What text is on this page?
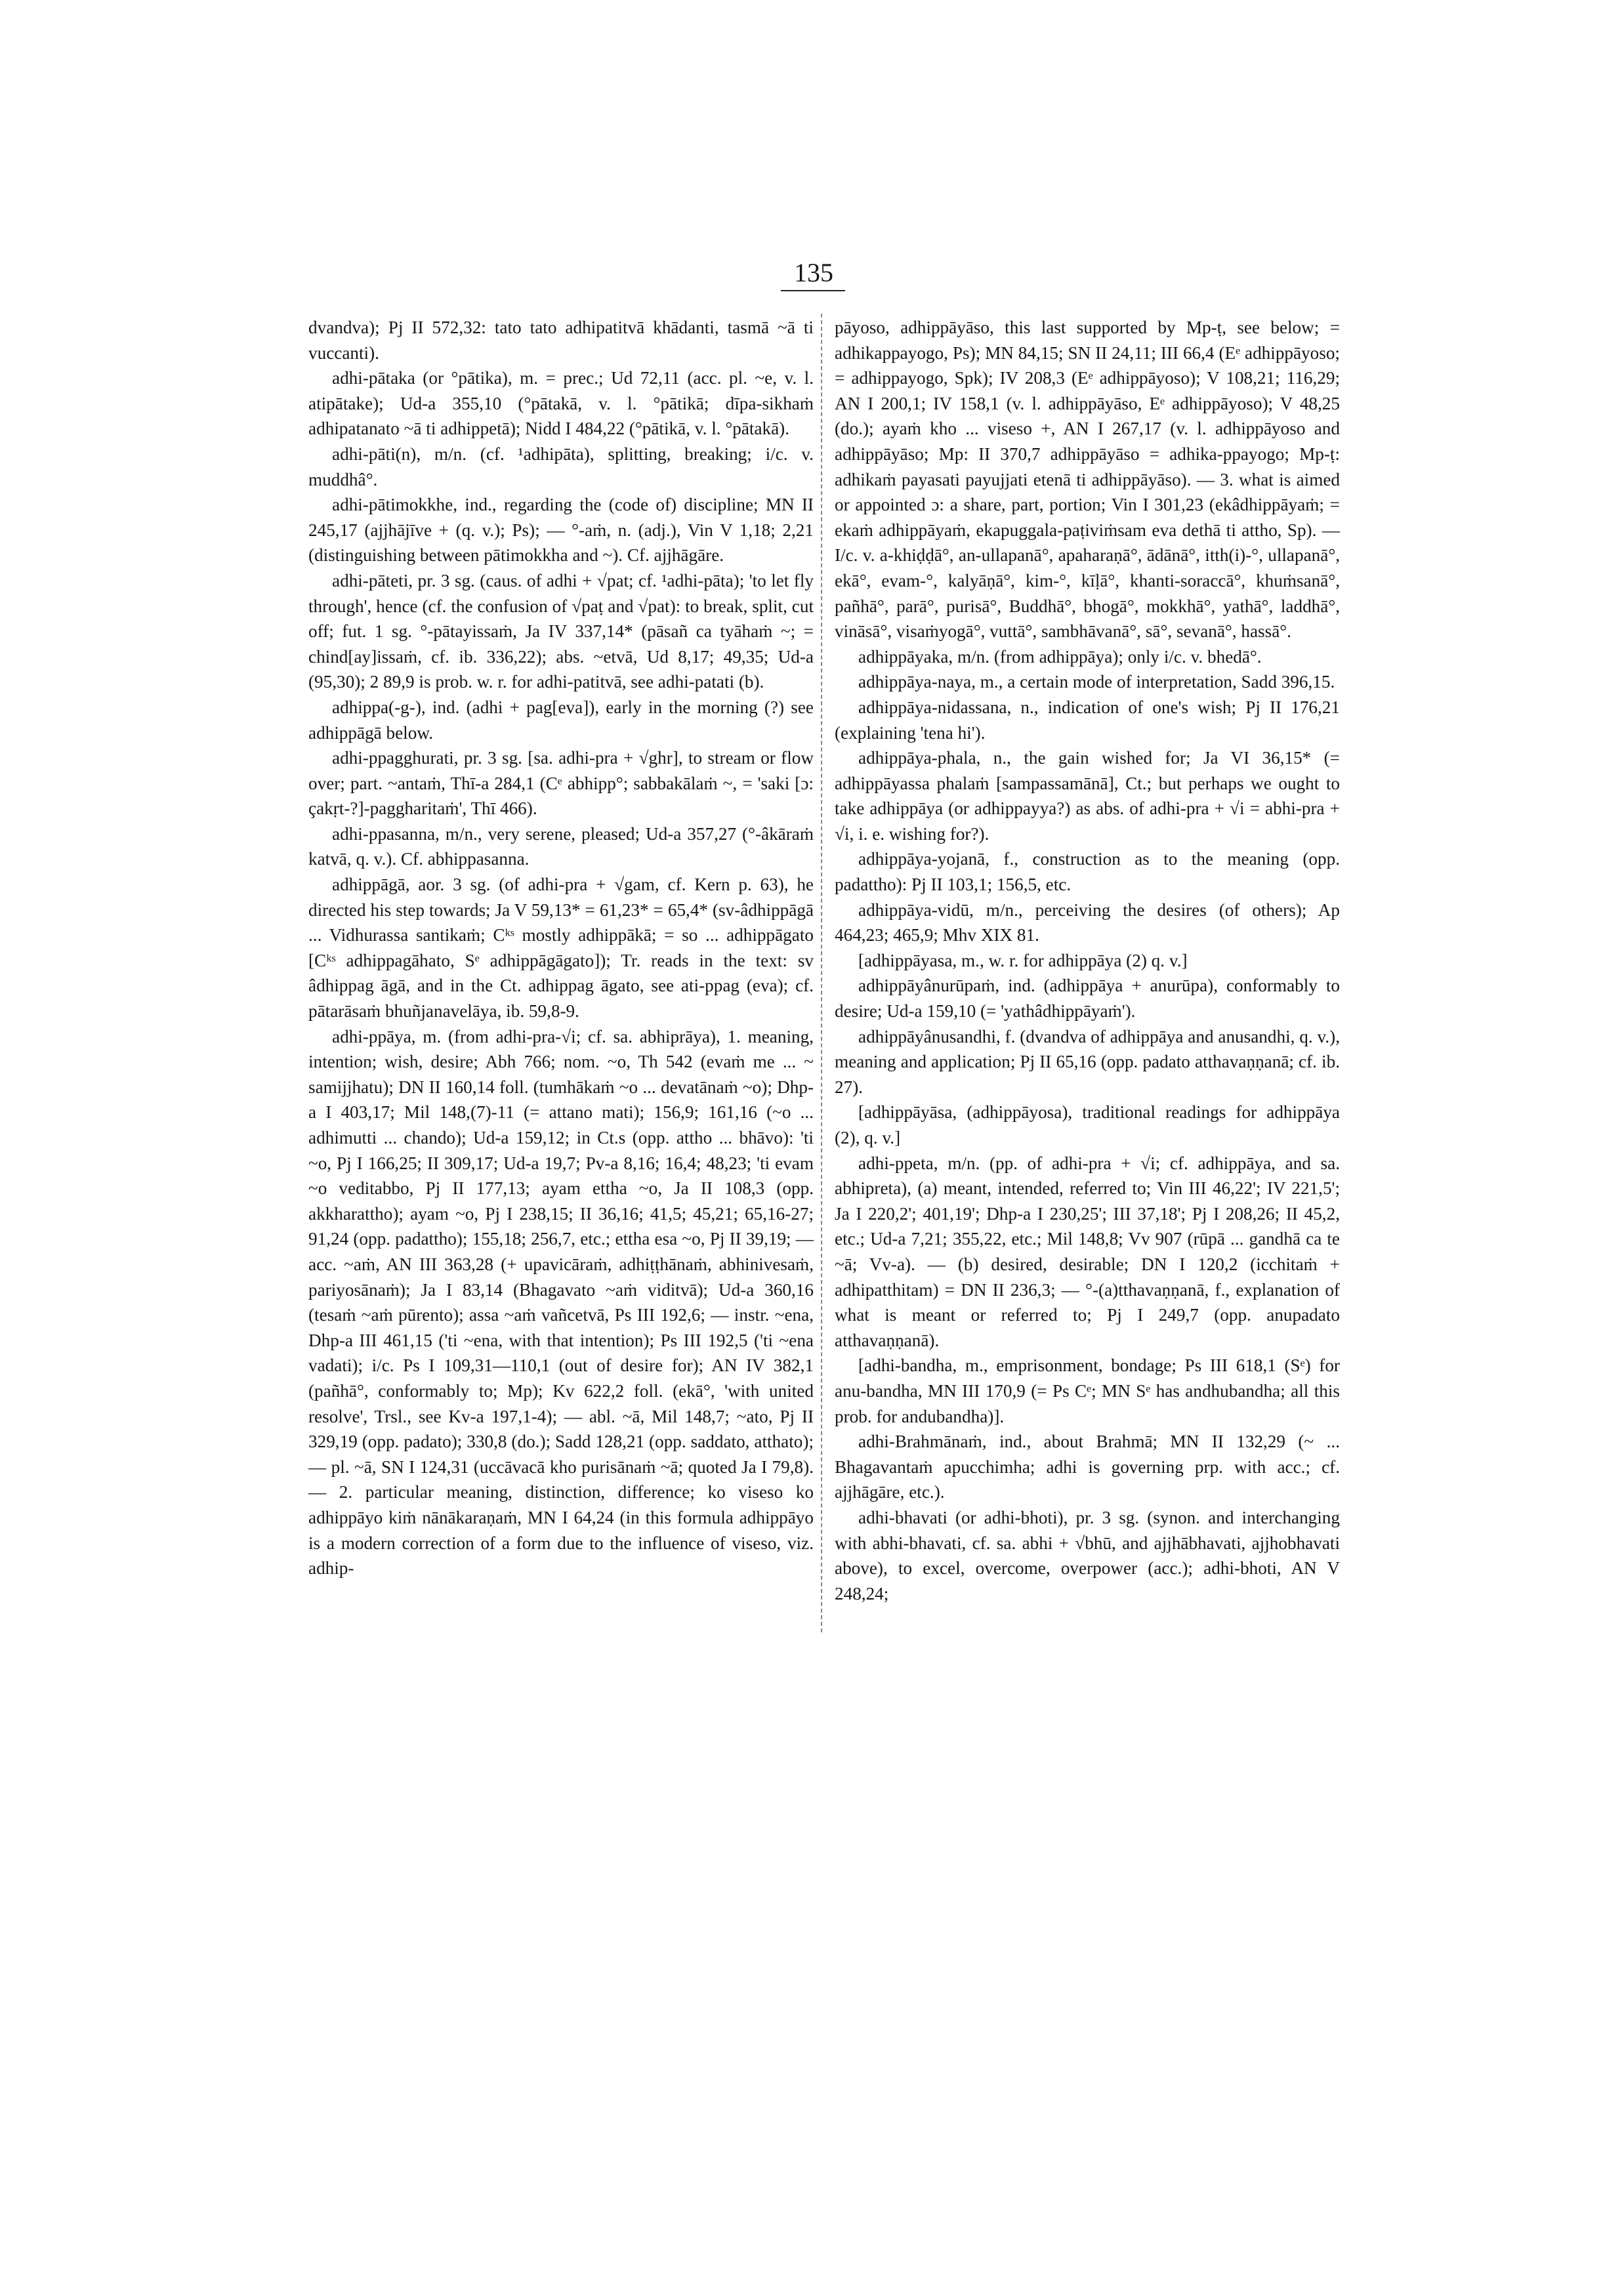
135

dvandva); Pj II 572,32: tato tato adhipatitvā khādanti, tasmā ~ā ti vuccanti).

adhi-pātaka (or °pātika), m. = prec.; Ud 72,11 (acc. pl. ~e, v. l. atipātake); Ud-a 355,10 (°pātakā, v. l. °pātikā; dīpa-sikhaṁ adhipatanato ~ā ti adhippetā); Nidd I 484,22 (°pātikā, v. l. °pātakā).

adhi-pāti(n), m/n. (cf. ¹adhipāta), splitting, breaking; i/c. v. muddhâ°.

adhi-pātimokkhe, ind., regarding the (code of) discipline; MN II 245,17 (ajjhājīve + (q. v.); Ps); — °-aṁ, n. (adj.), Vin V 1,18; 2,21 (distinguishing between pātimokkha and ~). Cf. ajjhāgāre.

adhi-pāteti, pr. 3 sg. (caus. of adhi + √pat; cf. ¹adhi-pāta); 'to let fly through', hence (cf. the confusion of √paṭ and √pat): to break, split, cut off; fut. 1 sg. °-pātayissaṁ, Ja IV 337,14* (pāsañ ca tyāhaṁ ~; = chind[ay]issaṁ, cf. ib. 336,22); abs. ~etvā, Ud 8,17; 49,35; Ud-a (95,30); 2 89,9 is prob. w. r. for adhi-patitvā, see adhi-patati (b).

adhippa(-g-), ind. (adhi + pag[eva]), early in the morning (?) see adhippāgā below.

adhi-ppagghurati, pr. 3 sg. [sa. adhi-pra + √ghr], to stream or flow over; part. ~antaṁ, Thī-a 284,1 (Cᵉ abhipp°; sabbakālaṁ ~, = 'saki [ɔ: çakṛt-?]-paggharitaṁ', Thī 466).

adhi-ppasanna, m/n., very serene, pleased; Ud-a 357,27 (°-âkāraṁ katvā, q. v.). Cf. abhippasanna.

adhippāgā, aor. 3 sg. (of adhi-pra + √gam, cf. Kern p. 63), he directed his step towards; Ja V 59,13* = 61,23* = 65,4* (sv-âdhippāgā ... Vidhurassa santikaṁ; Cᵏˢ mostly adhippākā; = so ... adhippāgato [Cᵏˢ adhippagāhato, Sᵉ adhippāgāgato]); Tr. reads in the text: sv âdhippag āgā, and in the Ct. adhippag āgato, see ati-ppag (eva); cf. pātarāsaṁ bhuñjanavelāya, ib. 59,8-9.

adhi-ppāya, m. (from adhi-pra-√i; cf. sa. abhiprāya), 1. meaning, intention; wish, desire; Abh 766; nom. ~o, Th 542 (evaṁ me ... ~ samijjhatu); DN II 160,14 foll. (tumhākaṁ ~o ... devatānaṁ ~o); Dhp-a I 403,17; Mil 148,(7)-11 (= attano mati); 156,9; 161,16 (~o ... adhimutti ... chando); Ud-a 159,12; in Ct.s (opp. attho ... bhāvo): 'ti ~o, Pj I 166,25; II 309,17; Ud-a 19,7; Pv-a 8,16; 16,4; 48,23; 'ti evam ~o veditabbo, Pj II 177,13; ayam ettha ~o, Ja II 108,3 (opp. akkharattho); ayam ~o, Pj I 238,15; II 36,16; 41,5; 45,21; 65,16-27; 91,24 (opp. padattho); 155,18; 256,7, etc.; ettha esa ~o, Pj II 39,19; — acc. ~aṁ, AN III 363,28 (+ upavicāraṁ, adhiṭṭhānaṁ, abhinivesaṁ, pariyosānaṁ); Ja I 83,14 (Bhagavato ~aṁ viditvā); Ud-a 360,16 (tesaṁ ~aṁ pūrento); assa ~aṁ vañcetvā, Ps III 192,6; — instr. ~ena, Dhp-a III 461,15 ('ti ~ena, with that intention); Ps III 192,5 ('ti ~ena vadati); i/c. Ps I 109,31—110,1 (out of desire for); AN IV 382,1 (pañhā°, conformably to; Mp); Kv 622,2 foll. (ekā°, 'with united resolve', Trsl., see Kv-a 197,1-4); — abl. ~ā, Mil 148,7; ~ato, Pj II 329,19 (opp. padato); 330,8 (do.); Sadd 128,21 (opp. saddato, atthato); — pl. ~ā, SN I 124,31 (uccāvacā kho purisānaṁ ~ā; quoted Ja I 79,8). — 2. particular meaning, distinction, difference; ko viseso ko adhippāyo kiṁ nānākaraṇaṁ, MN I 64,24 (in this formula adhippāyo is a modern correction of a form due to the influence of viseso, viz. adhip-

pāyoso, adhippāyāso, this last supported by Mp-ṭ, see below; = adhikappayogo, Ps); MN 84,15; SN II 24,11; III 66,4 (Eᵉ adhippāyoso; = adhippayogo, Spk); IV 208,3 (Eᵉ adhippāyoso); V 108,21; 116,29; AN I 200,1; IV 158,1 (v. l. adhippāyāso, Eᵉ adhippāyoso); V 48,25 (do.); ayaṁ kho ... viseso +, AN I 267,17 (v. l. adhippāyoso and adhippāyāso; Mp: II 370,7 adhippāyāso = adhika-ppayogo; Mp-ṭ: adhikaṁ payasati payujjati etenā ti adhippāyāso). — 3. what is aimed or appointed ɔ: a share, part, portion; Vin I 301,23 (ekâdhippāyaṁ; = ekaṁ adhippāyaṁ, ekapuggala-paṭiviṁsam eva dethā ti attho, Sp). — I/c. v. a-khiḍḍā°, an-ullapanā°, apaharaṇā°, ādānā°, itth(i)-°, ullapanā°, ekā°, evam-°, kalyāṇā°, kim-°, kīḷā°, khanti-soraccā°, khuṁsanā°, pañhā°, parā°, purisā°, Buddhā°, bhogā°, mokkhā°, yathā°, laddhā°, vināsā°, visaṁyogā°, vuttā°, sambhāvanā°, sā°, sevanā°, hassā°.

adhippāyaka, m/n. (from adhippāya); only i/c. v. bhedā°.

adhippāya-naya, m., a certain mode of interpretation, Sadd 396,15.

adhippāya-nidassana, n., indication of one's wish; Pj II 176,21 (explaining 'tena hi').

adhippāya-phala, n., the gain wished for; Ja VI 36,15* (= adhippāyassa phalaṁ [sampassamānā], Ct.; but perhaps we ought to take adhippāya (or adhippayya?) as abs. of adhi-pra + √i = abhi-pra + √i, i. e. wishing for?).

adhippāya-yojanā, f., construction as to the meaning (opp. padattho): Pj II 103,1; 156,5, etc.

adhippāya-vidū, m/n., perceiving the desires (of others); Ap 464,23; 465,9; Mhv XIX 81.

[adhippāyasa, m., w. r. for adhippāya (2) q. v.]

adhippāyânurūpaṁ, ind. (adhippāya + anurūpa), conformably to desire; Ud-a 159,10 (= 'yathâdhippāyaṁ').

adhippāyânusandhi, f. (dvandva of adhippāya and anusandhi, q. v.), meaning and application; Pj II 65,16 (opp. padato atthavaṇṇanā; cf. ib. 27).

[adhippāyāsa, (adhippāyosa), traditional readings for adhippāya (2), q. v.]

adhi-ppeta, m/n. (pp. of adhi-pra + √i; cf. adhippāya, and sa. abhipreta), (a) meant, intended, referred to; Vin III 46,22'; IV 221,5'; Ja I 220,2'; 401,19'; Dhp-a I 230,25'; III 37,18'; Pj I 208,26; II 45,2, etc.; Ud-a 7,21; 355,22, etc.; Mil 148,8; Vv 907 (rūpā ... gandhā ca te ~ā; Vv-a). — (b) desired, desirable; DN I 120,2 (icchitaṁ + adhipatthitam) = DN II 236,3; — °-(a)tthavaṇṇanā, f., explanation of what is meant or referred to; Pj I 249,7 (opp. anupadato atthavaṇṇanā).

[adhi-bandha, m., emprisonment, bondage; Ps III 618,1 (Sᵉ) for anu-bandha, MN III 170,9 (= Ps Cᵉ; MN Sᵉ has andhubandha; all this prob. for andubandha)].

adhi-Brahmānaṁ, ind., about Brahmā; MN II 132,29 (~ ... Bhagavantaṁ apucchimha; adhi is governing prp. with acc.; cf. ajjhāgāre, etc.).

adhi-bhavati (or adhi-bhoti), pr. 3 sg. (synon. and interchanging with abhi-bhavati, cf. sa. abhi + √bhū, and ajjhābhavati, ajjhobhavati above), to excel, overcome, overpower (acc.); adhi-bhoti, AN V 248,24;
